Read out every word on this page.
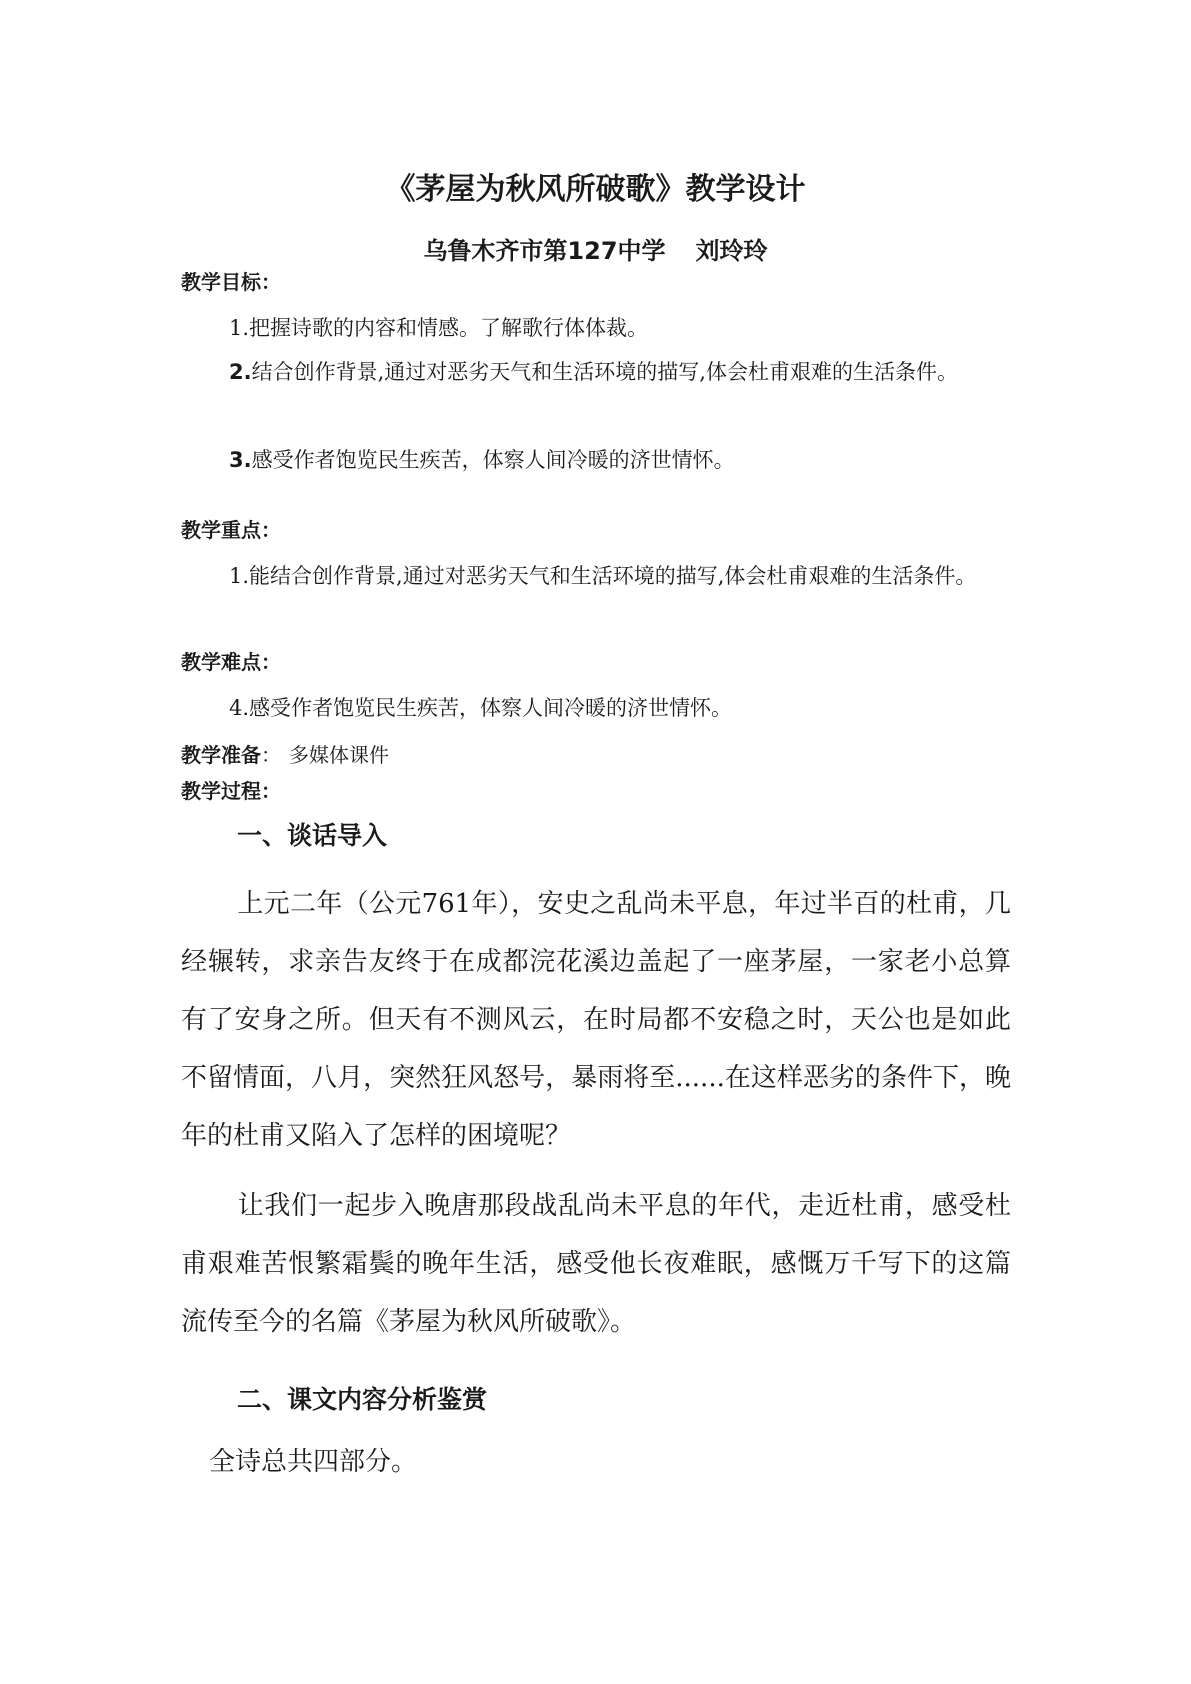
《茅屋为秋风所破歌》教学设计
乌鲁木齐市第127中学 刘玲玲
教学目标：
1.把握诗歌的内容和情感。了解歌行体体裁。
2.结合创作背景,通过对恶劣天气和生活环境的描写,体会杜甫艰难的生活条件。
3.感受作者饱览民生疾苦，体察人间冷暖的济世情怀。
教学重点：
1.能结合创作背景,通过对恶劣天气和生活环境的描写,体会杜甫艰难的生活条件。
教学难点：
4.感受作者饱览民生疾苦，体察人间冷暖的济世情怀。
教学准备： 多媒体课件
教学过程：
一、谈话导入
上元二年（公元761年），安史之乱尚未平息，年过半百的杜甫，几经辗转，求亲告友终于在成都浣花溪边盖起了一座茅屋，一家老小总算有了安身之所。但天有不测风云，在时局都不安稳之时，天公也是如此不留情面，八月，突然狂风怒号，暴雨将至......在这样恶劣的条件下，晚年的杜甫又陷入了怎样的困境呢？
让我们一起步入晚唐那段战乱尚未平息的年代，走近杜甫，感受杜甫艰难苦恨繁霜鬓的晚年生活，感受他长夜难眠，感慨万千写下的这篇流传至今的名篇《茅屋为秋风所破歌》。
二、课文内容分析鉴赏
全诗总共四部分。
